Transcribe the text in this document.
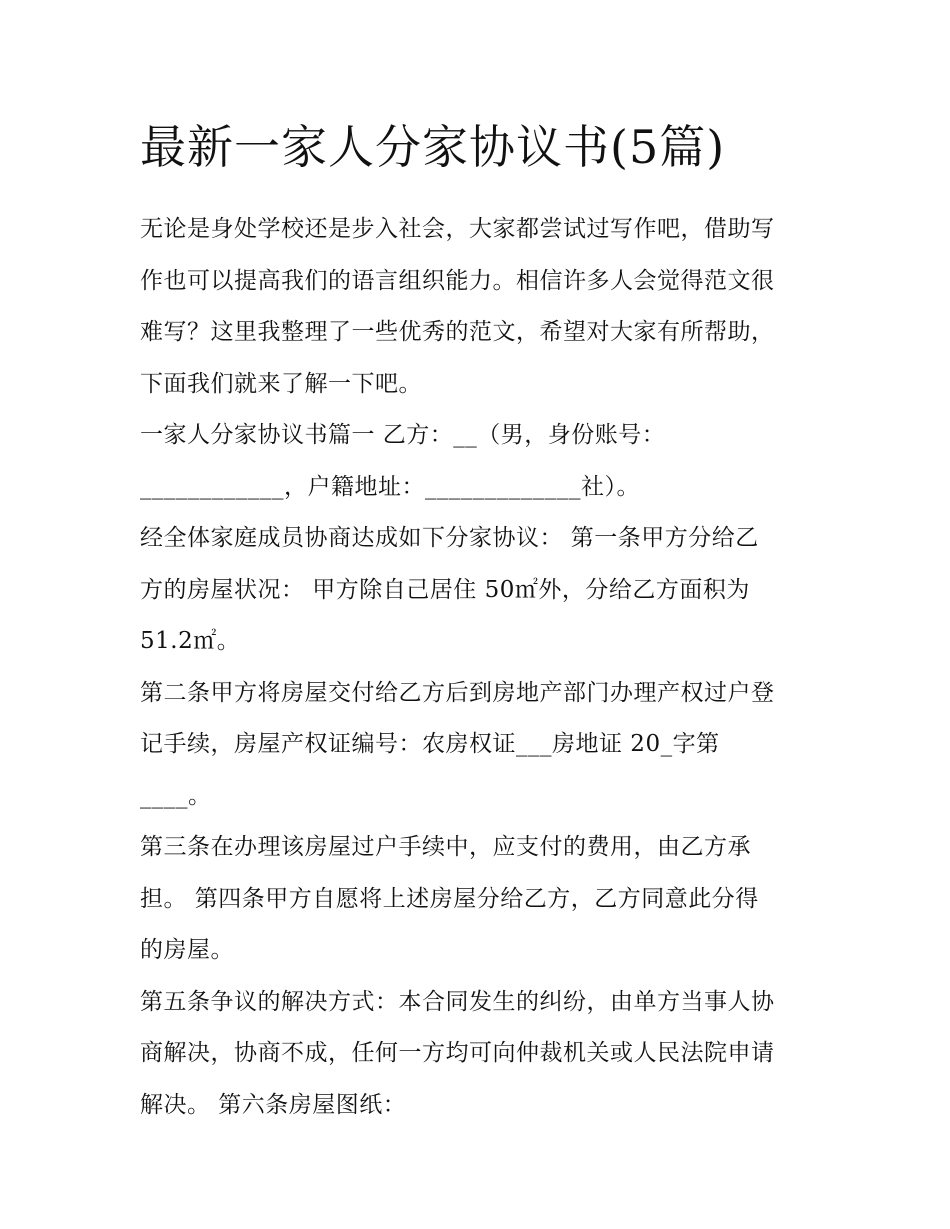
最新一家人分家协议书(5篇)

无论是身处学校还是步入社会，大家都尝试过写作吧，借助写
作也可以提高我们的语言组织能力。相信许多人会觉得范文很
难写？这里我整理了一些优秀的范文，希望对大家有所帮助，
下面我们就来了解一下吧。

一家人分家协议书篇一 乙方：__（男，身份账号：
____________，户籍地址：_____________社）。

经全体家庭成员协商达成如下分家协议： 第一条甲方分给乙
方的房屋状况： 甲方除自己居住 50㎡外，分给乙方面积为
51.2㎡。

第二条甲方将房屋交付给乙方后到房地产部门办理产权过户登
记手续，房屋产权证编号：农房权证___房地证 20_字第
____。

第三条在办理该房屋过户手续中，应支付的费用，由乙方承
担。 第四条甲方自愿将上述房屋分给乙方，乙方同意此分得
的房屋。

第五条争议的解决方式：本合同发生的纠纷，由单方当事人协
商解决，协商不成，任何一方均可向仲裁机关或人民法院申请
解决。 第六条房屋图纸：
